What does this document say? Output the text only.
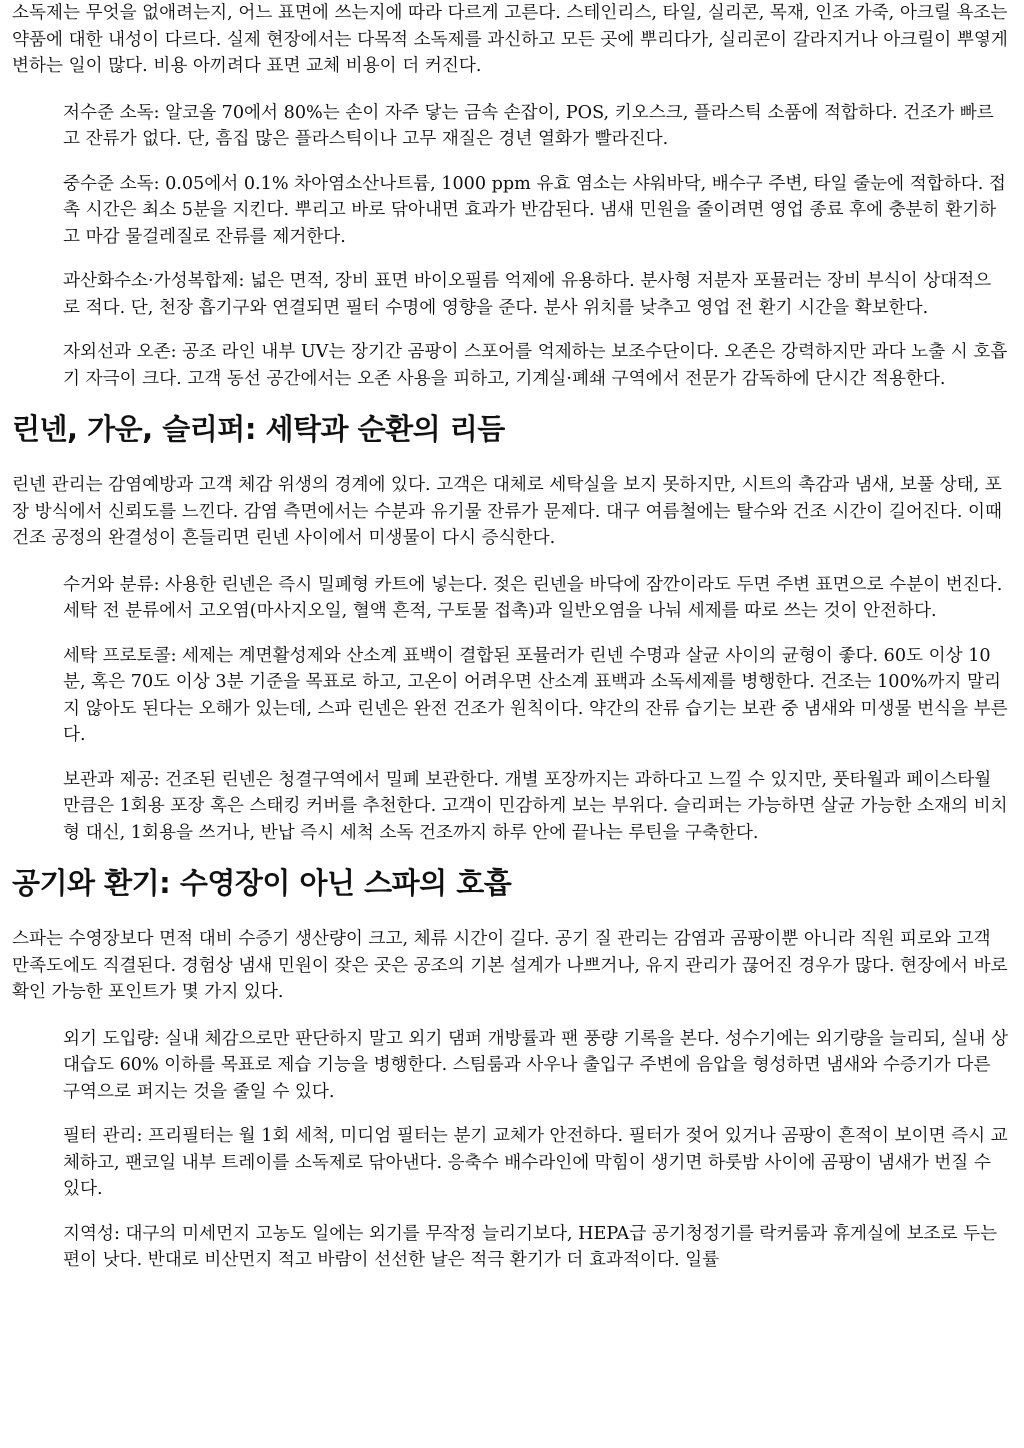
소독제는 무엇을 없애려는지, 어느 표면에 쓰는지에 따라 다르게 고른다. 스테인리스, 타일, 실리콘, 목재, 인조 가죽, 아크릴 욕조는 약품에 대한 내성이 다르다. 실제 현장에서는 다목적 소독제를 과신하고 모든 곳에 뿌리다가, 실리콘이 갈라지거나 아크릴이 뿌옇게 변하는 일이 많다. 비용 아끼려다 표면 교체 비용이 더 커진다.

저수준 소독: 알코올 70에서 80%는 손이 자주 닿는 금속 손잡이, POS, 키오스크, 플라스틱 소품에 적합하다. 건조가 빠르고 잔류가 없다. 단, 흠집 많은 플라스틱이나 고무 재질은 경년 열화가 빨라진다.

중수준 소독: 0.05에서 0.1% 차아염소산나트륨, 1000 ppm 유효 염소는 샤워바닥, 배수구 주변, 타일 줄눈에 적합하다. 접촉 시간은 최소 5분을 지킨다. 뿌리고 바로 닦아내면 효과가 반감된다. 냄새 민원을 줄이려면 영업 종료 후에 충분히 환기하고 마감 물걸레질로 잔류를 제거한다.

과산화수소·가성복합제: 넓은 면적, 장비 표면 바이오필름 억제에 유용하다. 분사형 저분자 포뮬러는 장비 부식이 상대적으로 적다. 단, 천장 흡기구와 연결되면 필터 수명에 영향을 준다. 분사 위치를 낮추고 영업 전 환기 시간을 확보한다.

자외선과 오존: 공조 라인 내부 UV는 장기간 곰팡이 스포어를 억제하는 보조수단이다. 오존은 강력하지만 과다 노출 시 호흡기 자극이 크다. 고객 동선 공간에서는 오존 사용을 피하고, 기계실·폐쇄 구역에서 전문가 감독하에 단시간 적용한다.

린넨, 가운, 슬리퍼: 세탁과 순환의 리듬

린넨 관리는 감염예방과 고객 체감 위생의 경계에 있다. 고객은 대체로 세탁실을 보지 못하지만, 시트의 촉감과 냄새, 보풀 상태, 포장 방식에서 신뢰도를 느낀다. 감염 측면에서는 수분과 유기물 잔류가 문제다. 대구 여름철에는 탈수와 건조 시간이 길어진다. 이때 건조 공정의 완결성이 흔들리면 린넨 사이에서 미생물이 다시 증식한다.

수거와 분류: 사용한 린넨은 즉시 밀폐형 카트에 넣는다. 젖은 린넨을 바닥에 잠깐이라도 두면 주변 표면으로 수분이 번진다. 세탁 전 분류에서 고오염(마사지오일, 혈액 흔적, 구토물 접촉)과 일반오염을 나눠 세제를 따로 쓰는 것이 안전하다.

세탁 프로토콜: 세제는 계면활성제와 산소계 표백이 결합된 포뮬러가 린넨 수명과 살균 사이의 균형이 좋다. 60도 이상 10분, 혹은 70도 이상 3분 기준을 목표로 하고, 고온이 어려우면 산소계 표백과 소독세제를 병행한다. 건조는 100%까지 말리지 않아도 된다는 오해가 있는데, 스파 린넨은 완전 건조가 원칙이다. 약간의 잔류 습기는 보관 중 냄새와 미생물 번식을 부른다.

보관과 제공: 건조된 린넨은 청결구역에서 밀폐 보관한다. 개별 포장까지는 과하다고 느낄 수 있지만, 풋타월과 페이스타월만큼은 1회용 포장 혹은 스태킹 커버를 추천한다. 고객이 민감하게 보는 부위다. 슬리퍼는 가능하면 살균 가능한 소재의 비치형 대신, 1회용을 쓰거나, 반납 즉시 세척 소독 건조까지 하루 안에 끝나는 루틴을 구축한다.

공기와 환기: 수영장이 아닌 스파의 호흡

스파는 수영장보다 면적 대비 수증기 생산량이 크고, 체류 시간이 길다. 공기 질 관리는 감염과 곰팡이뿐 아니라 직원 피로와 고객 만족도에도 직결된다. 경험상 냄새 민원이 잦은 곳은 공조의 기본 설계가 나쁘거나, 유지 관리가 끊어진 경우가 많다. 현장에서 바로 확인 가능한 포인트가 몇 가지 있다.

외기 도입량: 실내 체감으로만 판단하지 말고 외기 댐퍼 개방률과 팬 풍량 기록을 본다. 성수기에는 외기량을 늘리되, 실내 상대습도 60% 이하를 목표로 제습 기능을 병행한다. 스팀룸과 사우나 출입구 주변에 음압을 형성하면 냄새와 수증기가 다른 구역으로 퍼지는 것을 줄일 수 있다.

필터 관리: 프리필터는 월 1회 세척, 미디엄 필터는 분기 교체가 안전하다. 필터가 젖어 있거나 곰팡이 흔적이 보이면 즉시 교체하고, 팬코일 내부 트레이를 소독제로 닦아낸다. 응축수 배수라인에 막힘이 생기면 하룻밤 사이에 곰팡이 냄새가 번질 수 있다.

지역성: 대구의 미세먼지 고농도 일에는 외기를 무작정 늘리기보다, HEPA급 공기청정기를 락커룸과 휴게실에 보조로 두는 편이 낫다. 반대로 비산먼지 적고 바람이 선선한 날은 적극 환기가 더 효과적이다. 일률
